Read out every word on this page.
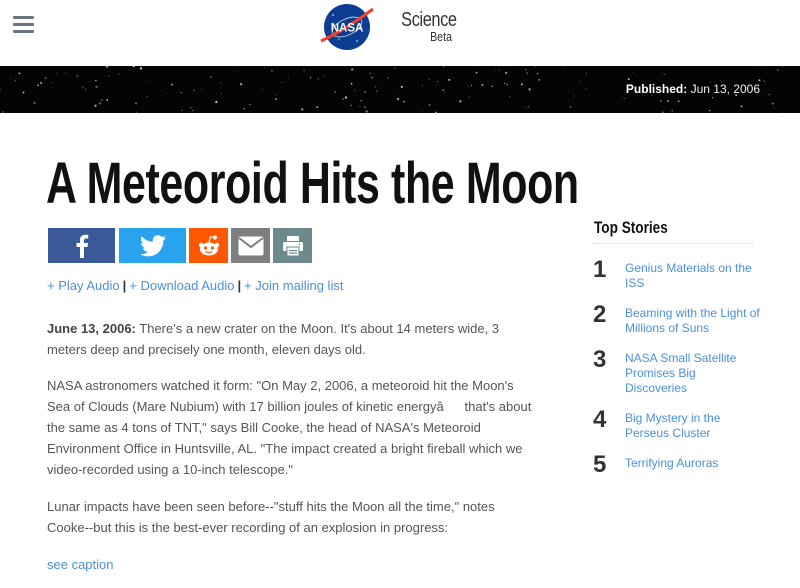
NASA Science
Beta
Published: Jun 13, 2006
A Meteoroid Hits the Moon
+ Play Audio | + Download Audio | + Join mailing list

June 13, 2006: There's a new crater on the Moon. It's about 14 meters wide, 3 meters deep and precisely one month, eleven days old.

NASA astronomers watched it form: "On May 2, 2006, a meteoroid hit the Moon's Sea of Clouds (Mare Nubium) with 17 billion joules of kinetic energyâthat's about the same as 4 tons of TNT," says Bill Cooke, the head of NASA's Meteoroid Environment Office in Huntsville, AL. "The impact created a bright fireball which we video-recorded using a 10-inch telescope."

Lunar impacts have been seen before--"stuff hits the Moon all the time," notes Cooke--but this is the best-ever recording of an explosion in progress:

see caption
Top Stories
1 Genius Materials on the ISS
2 Beaming with the Light of Millions of Suns
3 NASA Small Satellite Promises Big Discoveries
4 Big Mystery in the Perseus Cluster
5 Terrifying Auroras
